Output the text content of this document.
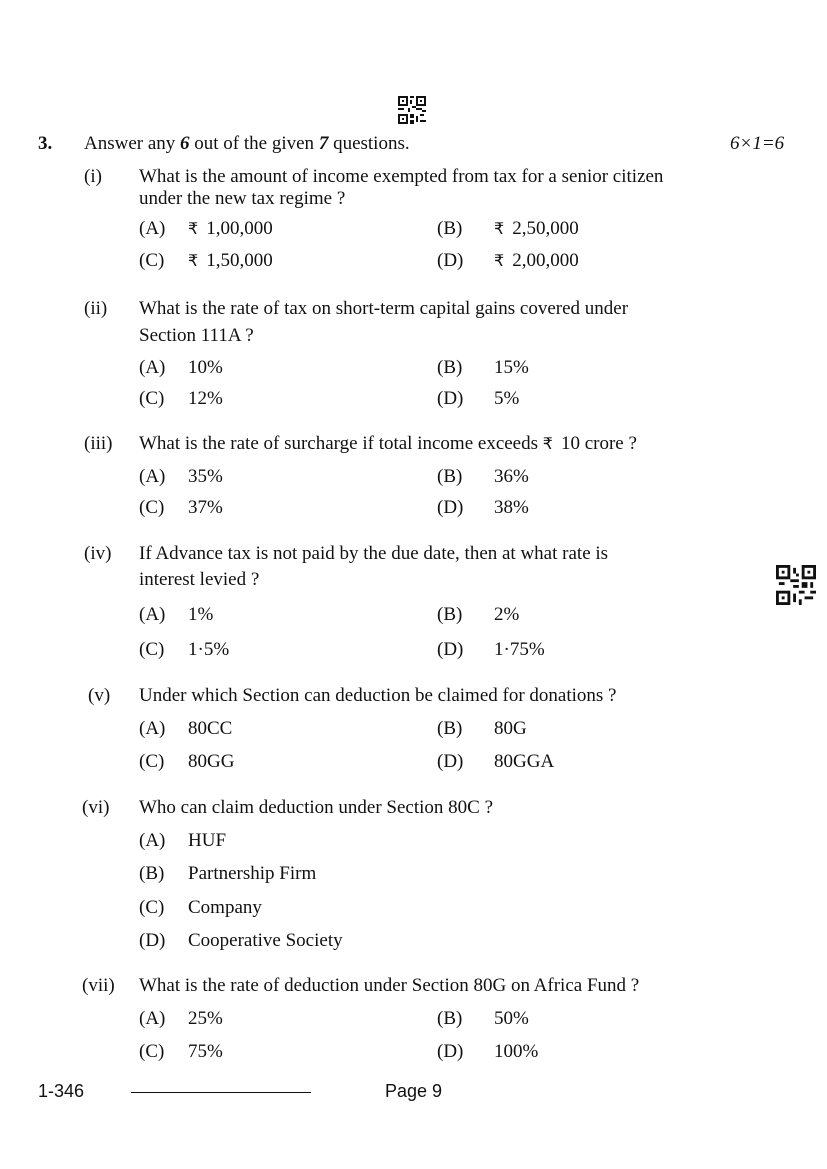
3. Answer any 6 out of the given 7 questions.	6×1=6
(i) What is the amount of income exempted from tax for a senior citizen
under the new tax regime ?
(A) ₹ 1,00,000	(B) ₹ 2,50,000
(C) ₹ 1,50,000	(D) ₹ 2,00,000
(ii) What is the rate of tax on short-term capital gains covered under
Section 111A ?
(A) 10%	(B) 15%
(C) 12%	(D) 5%
(iii) What is the rate of surcharge if total income exceeds ₹ 10 crore ?
(A) 35%	(B) 36%
(C) 37%	(D) 38%
(iv) If Advance tax is not paid by the due date, then at what rate is
interest levied ?
(A) 1%	(B) 2%
(C) 1·5%	(D) 1·75%
(v) Under which Section can deduction be claimed for donations ?
(A) 80CC	(B) 80G
(C) 80GG	(D) 80GGA
(vi) Who can claim deduction under Section 80C ?
(A) HUF
(B) Partnership Firm
(C) Company
(D) Cooperative Society
(vii) What is the rate of deduction under Section 80G on Africa Fund ?
(A) 25%	(B) 50%
(C) 75%	(D) 100%
1-346	Page 9
